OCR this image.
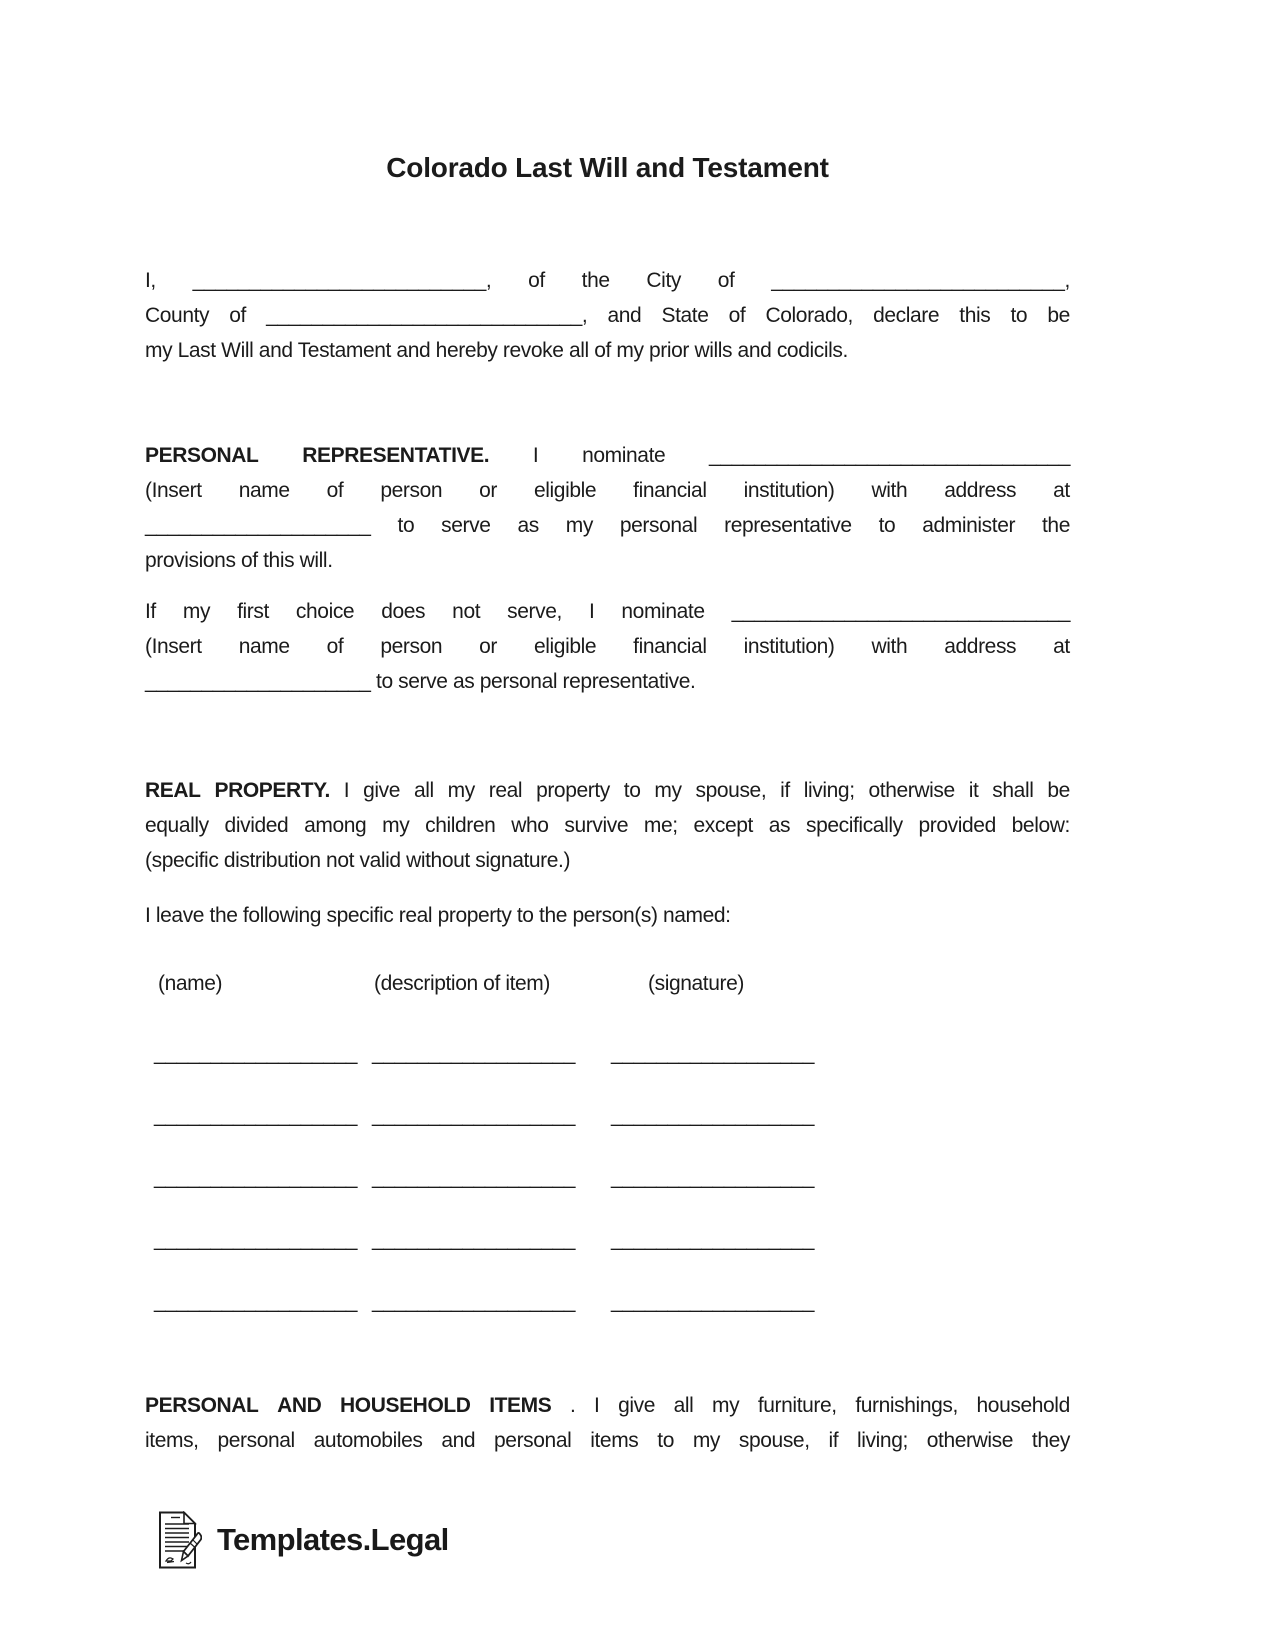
Colorado Last Will and Testament
(name)	(description of item)	(signature)
__________________ __________________ __________________
__________________ __________________ __________________
__________________ __________________ __________________
__________________ __________________ __________________
__________________ __________________ __________________
Templates.Legal
I, __________________________, of the City of __________________________,
County of ____________________________, and State of Colorado, declare this to be
my Last Will and Testament and hereby revoke all of my prior wills and codicils.
PERSONAL REPRESENTATIVE. I nominate ________________________________
(Insert name of person or eligible financial institution) with address at
____________________ to serve as my personal representative to administer the
provisions of this will.
If my first choice does not serve, I nominate ______________________________
(Insert name of person or eligible financial institution) with address at
____________________ to serve as personal representative.
REAL PROPERTY. I give all my real property to my spouse, if living; otherwise it shall be
equally divided among my children who survive me; except as specifically provided below:
(specific distribution not valid without signature.)
I leave the following specific real property to the person(s) named:
PERSONAL AND HOUSEHOLD ITEMS . I give all my furniture, furnishings, household
items, personal automobiles and personal items to my spouse, if living; otherwise they
